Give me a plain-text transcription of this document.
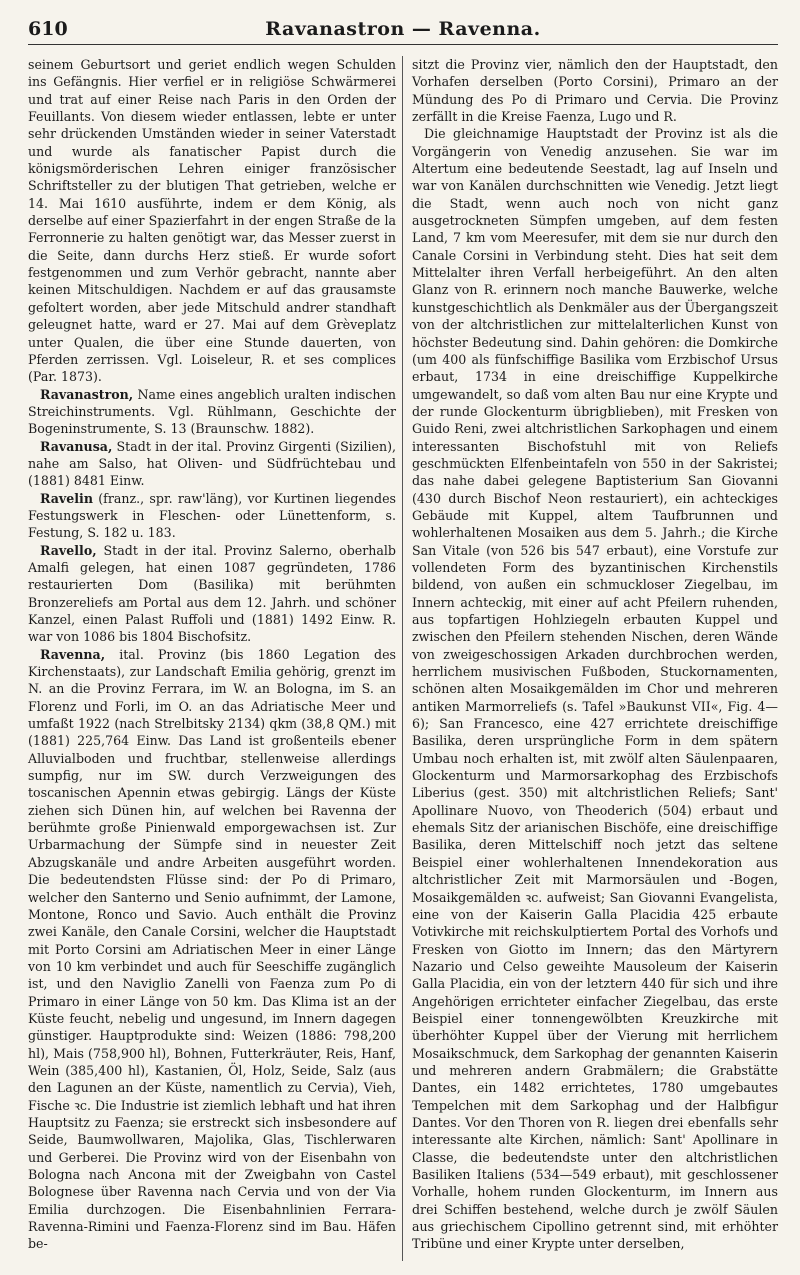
610	Ravanastron — Ravenna.

seinem Geburtsort und geriet endlich wegen Schulden ins Gefängnis. Hier verfiel er in religiöse Schwärmerei und trat auf einer Reise nach Paris in den Orden der Feuillants. Von diesem wieder entlassen, lebte er unter sehr drückenden Umständen wieder in seiner Vaterstadt und wurde als fanatischer Papist durch die königsmörderischen Lehren einiger französischer Schriftsteller zu der blutigen That getrieben, welche er 14. Mai 1610 ausführte, indem er dem König, als derselbe auf einer Spazierfahrt in der engen Straße de la Ferronnerie zu halten genötigt war, das Messer zuerst in die Seite, dann durchs Herz stieß. Er wurde sofort festgenommen und zum Verhör gebracht, nannte aber keinen Mitschuldigen. Nachdem er auf das grausamste gefoltert worden, aber jede Mitschuld andrer standhaft geleugnet hatte, ward er 27. Mai auf dem Grèveplatz unter Qualen, die über eine Stunde dauerten, von Pferden zerrissen. Vgl. Loiseleur, R. et ses complices (Par. 1873).

Ravanastron, Name eines angeblich uralten indischen Streichinstruments. Vgl. Rühlmann, Geschichte der Bogeninstrumente, S. 13 (Braunschw. 1882).

Ravanusa, Stadt in der ital. Provinz Girgenti (Sizilien), nahe am Salso, hat Oliven- und Südfrüchtebau und (1881) 8481 Einw.

Ravelin (franz., spr. raw'läng), vor Kurtinen liegendes Festungswerk in Fleschen- oder Lünettenform, s. Festung, S. 182 u. 183.

Ravello, Stadt in der ital. Provinz Salerno, oberhalb Amalfi gelegen, hat einen 1087 gegründeten, 1786 restaurierten Dom (Basilika) mit berühmten Bronzereliefs am Portal aus dem 12. Jahrh. und schöner Kanzel, einen Palast Ruffoli und (1881) 1492 Einw. R. war von 1086 bis 1804 Bischofsitz.

Ravenna, ital. Provinz (bis 1860 Legation des Kirchenstaats), zur Landschaft Emilia gehörig, grenzt im N. an die Provinz Ferrara, im W. an Bologna, im S. an Florenz und Forli, im O. an das Adriatische Meer und umfaßt 1922 (nach Strelbitsky 2134) qkm (38,8 QM.) mit (1881) 225,764 Einw. Das Land ist großenteils ebener Alluvialboden und fruchtbar, stellenweise allerdings sumpfig, nur im SW. durch Verzweigungen des toscanischen Apennin etwas gebirgig. Längs der Küste ziehen sich Dünen hin, auf welchen bei Ravenna der berühmte große Pinienwald emporgewachsen ist. Zur Urbarmachung der Sümpfe sind in neuester Zeit Abzugskanäle und andre Arbeiten ausgeführt worden. Die bedeutendsten Flüsse sind: der Po di Primaro, welcher den Santerno und Senio aufnimmt, der Lamone, Montone, Ronco und Savio. Auch enthält die Provinz zwei Kanäle, den Canale Corsini, welcher die Hauptstadt mit Porto Corsini am Adriatischen Meer in einer Länge von 10 km verbindet und auch für Seeschiffe zugänglich ist, und den Naviglio Zanelli von Faenza zum Po di Primaro in einer Länge von 50 km. Das Klima ist an der Küste feucht, nebelig und ungesund, im Innern dagegen günstiger. Hauptprodukte sind: Weizen (1886: 798,200 hl), Mais (758,900 hl), Bohnen, Futterkräuter, Reis, Hanf, Wein (385,400 hl), Kastanien, Öl, Holz, Seide, Salz (aus den Lagunen an der Küste, namentlich zu Cervia), Vieh, Fische ꝛc. Die Industrie ist ziemlich lebhaft und hat ihren Hauptsitz zu Faenza; sie erstreckt sich insbesondere auf Seide, Baumwollwaren, Majolika, Glas, Tischlerwaren und Gerberei. Die Provinz wird von der Eisenbahn von Bologna nach Ancona mit der Zweigbahn von Castel Bolognese über Ravenna nach Cervia und von der Via Emilia durchzogen. Die Eisenbahnlinien Ferrara-Ravenna-Rimini und Faenza-Florenz sind im Bau. Häfen be-

sitzt die Provinz vier, nämlich den der Hauptstadt, den Vorhafen derselben (Porto Corsini), Primaro an der Mündung des Po di Primaro und Cervia. Die Provinz zerfällt in die Kreise Faenza, Lugo und R.

Die gleichnamige Hauptstadt der Provinz ist als die Vorgängerin von Venedig anzusehen. Sie war im Altertum eine bedeutende Seestadt, lag auf Inseln und war von Kanälen durchschnitten wie Venedig. Jetzt liegt die Stadt, wenn auch noch von nicht ganz ausgetrockneten Sümpfen umgeben, auf dem festen Land, 7 km vom Meeresufer, mit dem sie nur durch den Canale Corsini in Verbindung steht. Dies hat seit dem Mittelalter ihren Verfall herbeigeführt. An den alten Glanz von R. erinnern noch manche Bauwerke, welche kunstgeschichtlich als Denkmäler aus der Übergangszeit von der altchristlichen zur mittelalterlichen Kunst von höchster Bedeutung sind. Dahin gehören: die Domkirche (um 400 als fünfschiffige Basilika vom Erzbischof Ursus erbaut, 1734 in eine dreischiffige Kuppelkirche umgewandelt, so daß vom alten Bau nur eine Krypte und der runde Glockenturm übrigblieben), mit Fresken von Guido Reni, zwei altchristlichen Sarkophagen und einem interessanten Bischofstuhl mit von Reliefs geschmückten Elfenbeintafeln von 550 in der Sakristei; das nahe dabei gelegene Baptisterium San Giovanni (430 durch Bischof Neon restauriert), ein achteckiges Gebäude mit Kuppel, altem Taufbrunnen und wohlerhaltenen Mosaiken aus dem 5. Jahrh.; die Kirche San Vitale (von 526 bis 547 erbaut), eine Vorstufe zur vollendeten Form des byzantinischen Kirchenstils bildend, von außen ein schmuckloser Ziegelbau, im Innern achteckig, mit einer auf acht Pfeilern ruhenden, aus topfartigen Hohlziegeln erbauten Kuppel und zwischen den Pfeilern stehenden Nischen, deren Wände von zweigeschossigen Arkaden durchbrochen werden, herrlichem musivischen Fußboden, Stuckornamenten, schönen alten Mosaikgemälden im Chor und mehreren antiken Marmorreliefs (s. Tafel »Baukunst VII«, Fig. 4—6); San Francesco, eine 427 errichtete dreischiffige Basilika, deren ursprüngliche Form in dem spätern Umbau noch erhalten ist, mit zwölf alten Säulenpaaren, Glockenturm und Marmorsarkophag des Erzbischofs Liberius (gest. 350) mit altchristlichen Reliefs; Sant' Apollinare Nuovo, von Theoderich (504) erbaut und ehemals Sitz der arianischen Bischöfe, eine dreischiffige Basilika, deren Mittelschiff noch jetzt das seltene Beispiel einer wohlerhaltenen Innendekoration aus altchristlicher Zeit mit Marmorsäulen und -Bogen, Mosaikgemälden ꝛc. aufweist; San Giovanni Evangelista, eine von der Kaiserin Galla Placidia 425 erbaute Votivkirche mit reichskulptiertem Portal des Vorhofs und Fresken von Giotto im Innern; das den Märtyrern Nazario und Celso geweihte Mausoleum der Kaiserin Galla Placidia, ein von der letztern 440 für sich und ihre Angehörigen errichteter einfacher Ziegelbau, das erste Beispiel einer tonnengewölbten Kreuzkirche mit überhöhter Kuppel über der Vierung mit herrlichem Mosaikschmuck, dem Sarkophag der genannten Kaiserin und mehreren andern Grabmälern; die Grabstätte Dantes, ein 1482 errichtetes, 1780 umgebautes Tempelchen mit dem Sarkophag und der Halbfigur Dantes. Vor den Thoren von R. liegen drei ebenfalls sehr interessante alte Kirchen, nämlich: Sant' Apollinare in Classe, die bedeutendste unter den altchristlichen Basiliken Italiens (534—549 erbaut), mit geschlossener Vorhalle, hohem runden Glockenturm, im Innern aus drei Schiffen bestehend, welche durch je zwölf Säulen aus griechischem Cipollino getrennt sind, mit erhöhter Tribüne und einer Krypte unter derselben,
